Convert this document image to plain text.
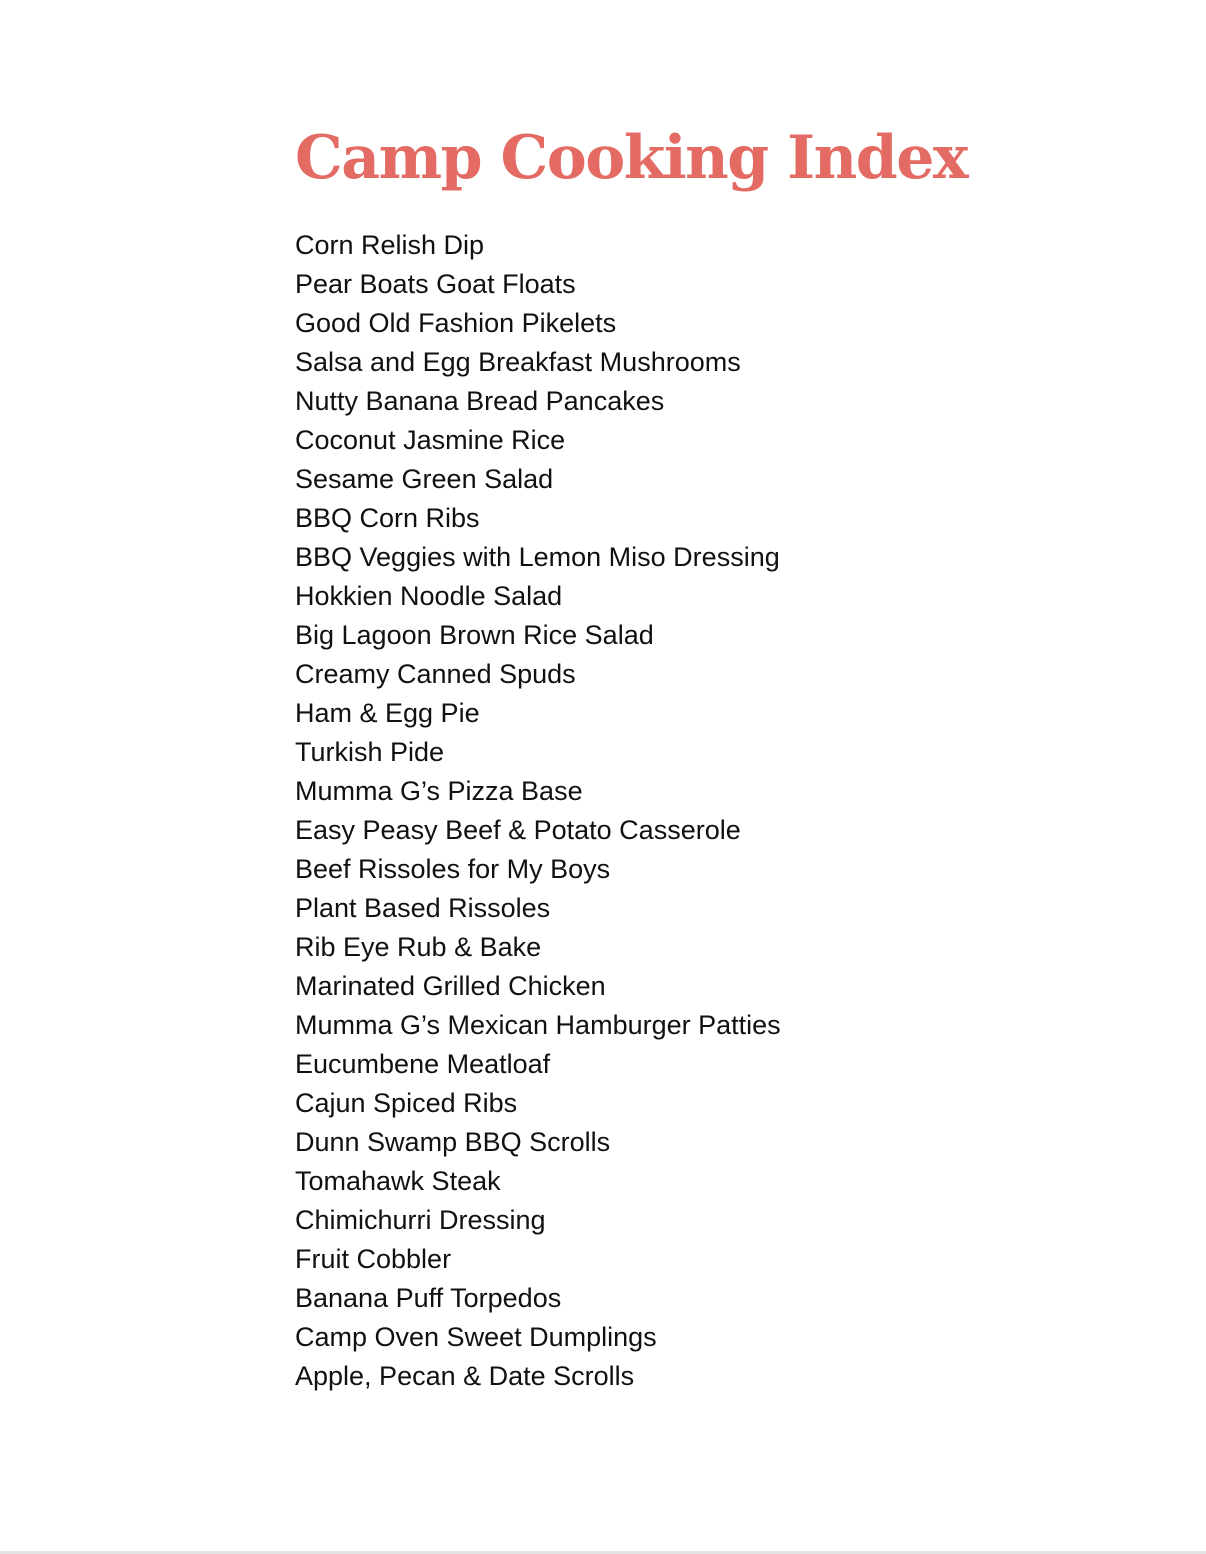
Camp Cooking Index
Corn Relish Dip
Pear Boats Goat Floats
Good Old Fashion Pikelets
Salsa and Egg Breakfast Mushrooms
Nutty Banana Bread Pancakes
Coconut Jasmine Rice
Sesame Green Salad
BBQ Corn Ribs
BBQ Veggies with Lemon Miso Dressing
Hokkien Noodle Salad
Big Lagoon Brown Rice Salad
Creamy Canned Spuds
Ham & Egg Pie
Turkish Pide
Mumma G’s Pizza Base
Easy Peasy Beef & Potato Casserole
Beef Rissoles for My Boys
Plant Based Rissoles
Rib Eye Rub & Bake
Marinated Grilled Chicken
Mumma G’s Mexican Hamburger Patties
Eucumbene Meatloaf
Cajun Spiced Ribs
Dunn Swamp BBQ Scrolls
Tomahawk Steak
Chimichurri Dressing
Fruit Cobbler
Banana Puff Torpedos
Camp Oven Sweet Dumplings
Apple, Pecan & Date Scrolls
